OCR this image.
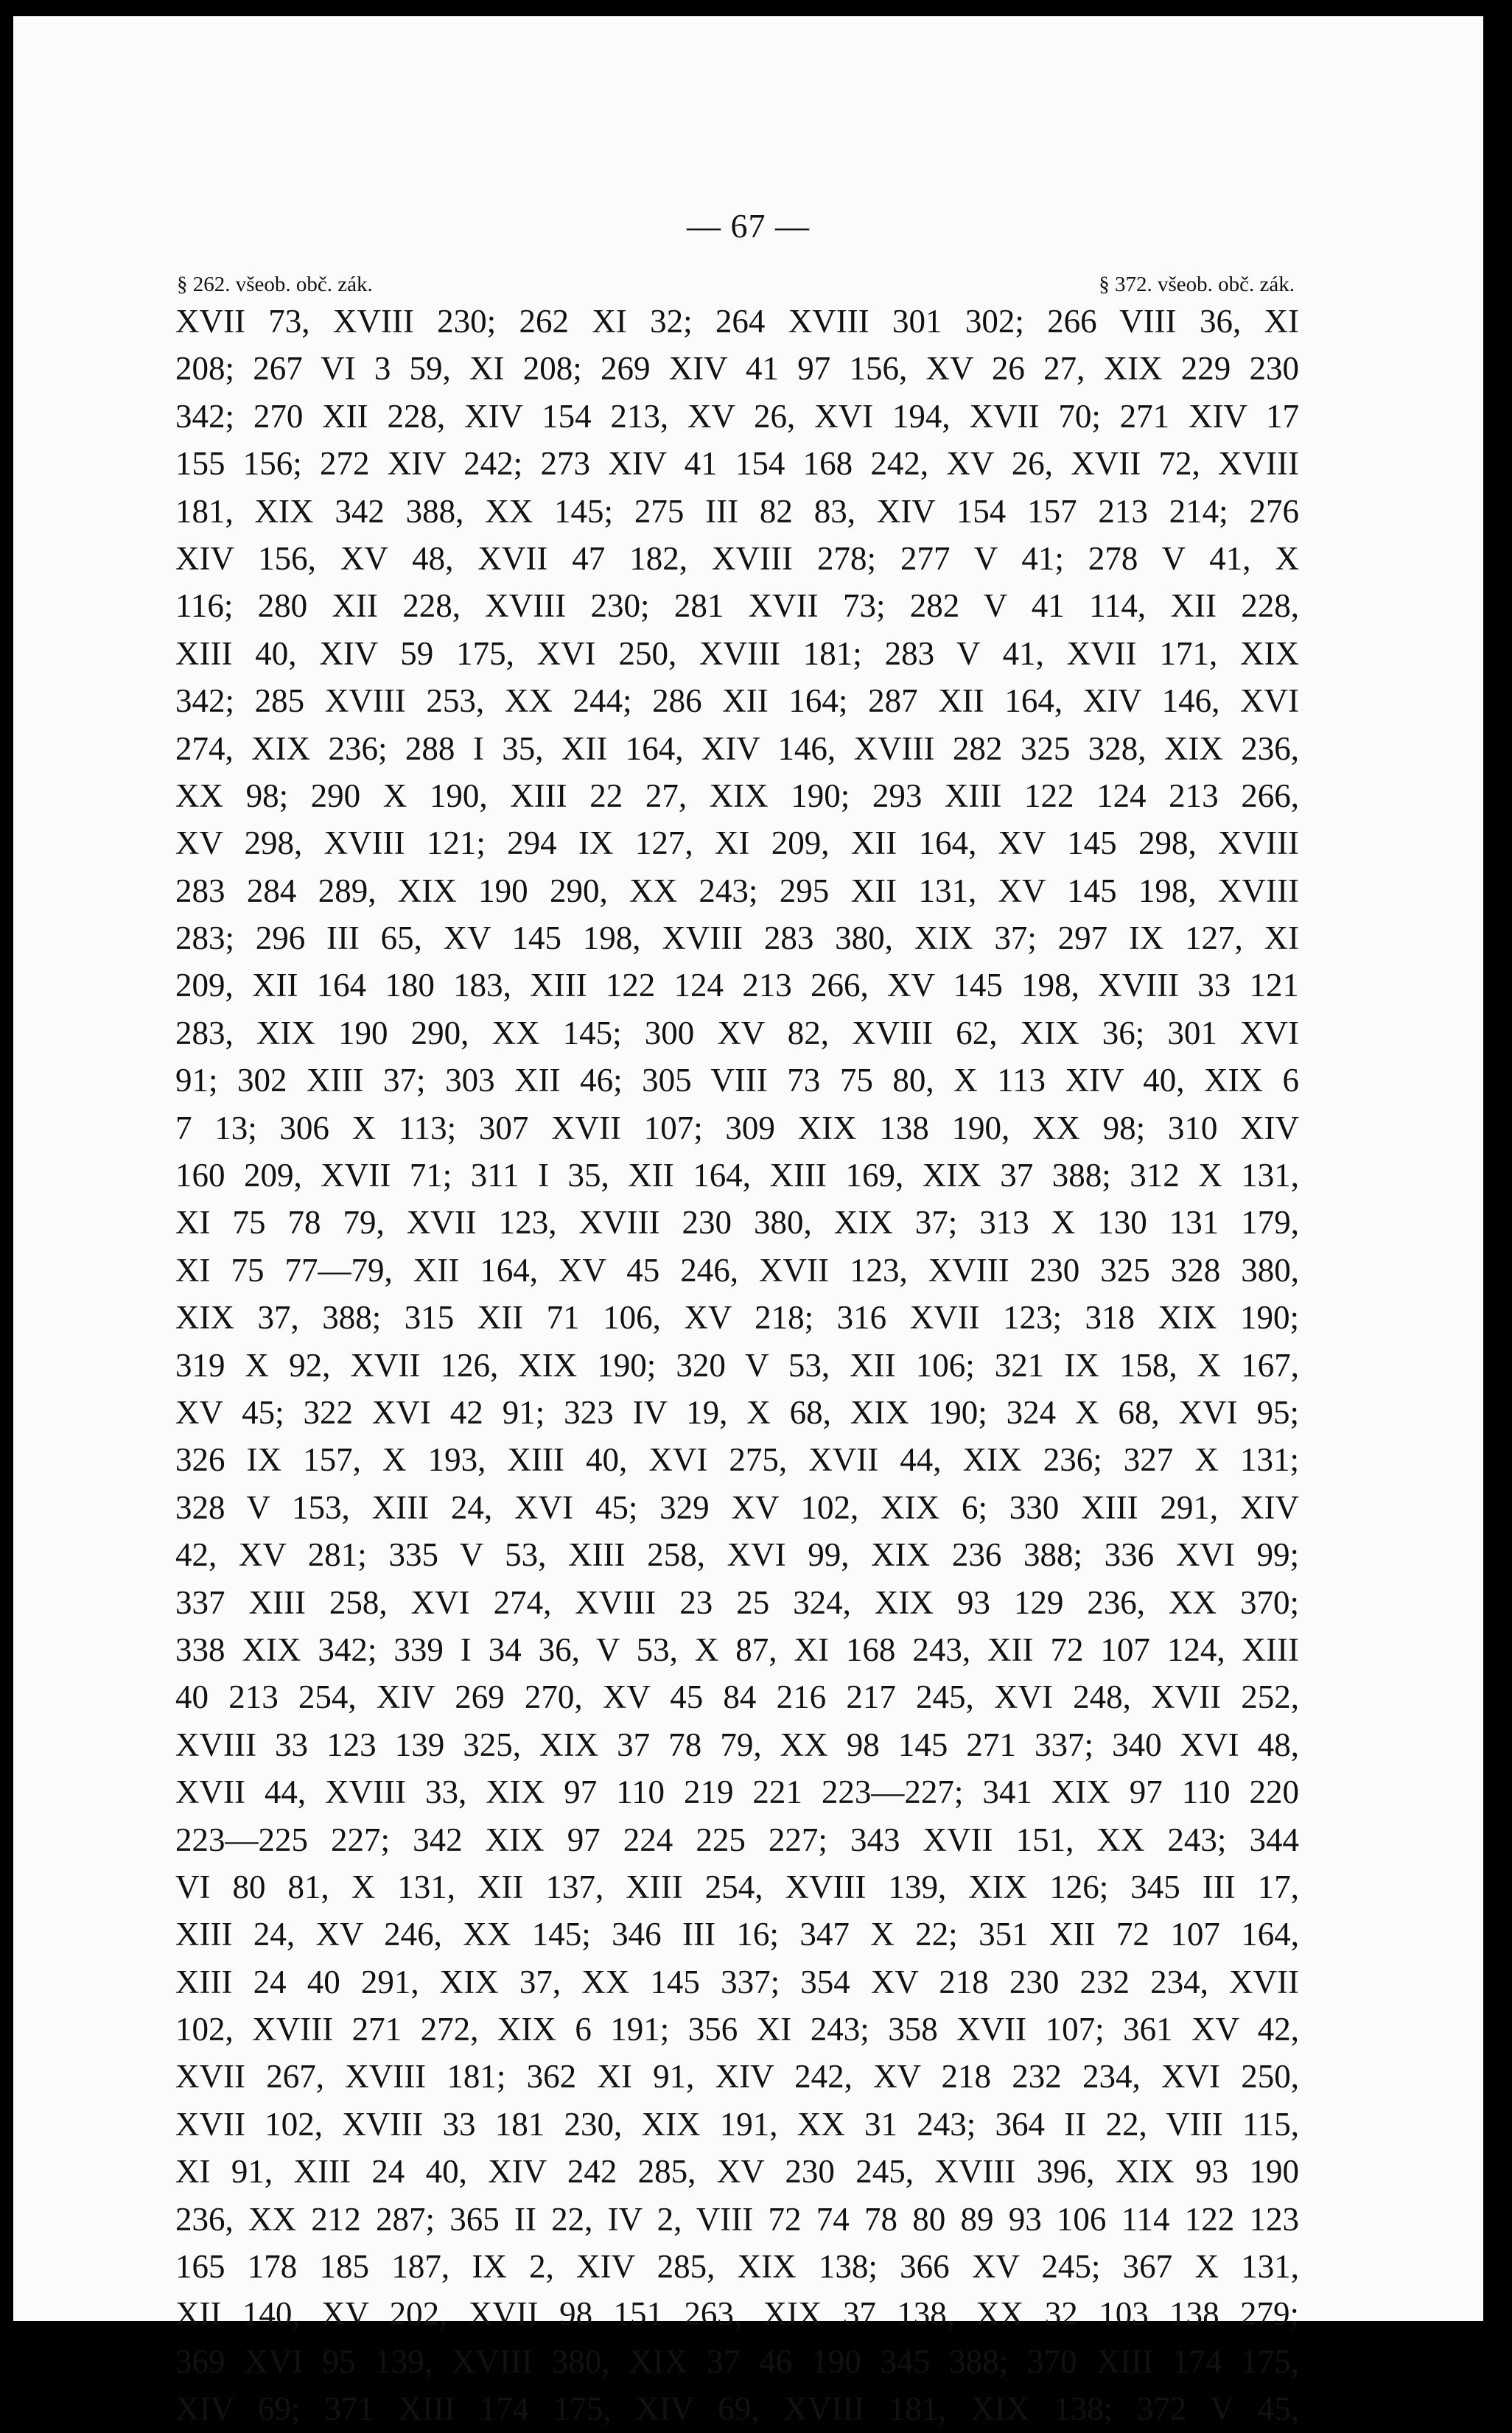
— 67 —
§ 262. všeob. obč. zák.	§ 372. všeob. obč. zák.
XVII 73, XVIII 230; 262 XI 32; 264 XVIII 301 302; 266 VIII 36, XI
208; 267 VI 3 59, XI 208; 269 XIV 41 97 156, XV 26 27, XIX 229 230
342; 270 XII 228, XIV 154 213, XV 26, XVI 194, XVII 70; 271 XIV 17
155 156; 272 XIV 242; 273 XIV 41 154 168 242, XV 26, XVII 72, XVIII
181, XIX 342 388, XX 145; 275 III 82 83, XIV 154 157 213 214; 276
XIV 156, XV 48, XVII 47 182, XVIII 278; 277 V 41; 278 V 41, X
116; 280 XII 228, XVIII 230; 281 XVII 73; 282 V 41 114, XII 228,
XIII 40, XIV 59 175, XVI 250, XVIII 181; 283 V 41, XVII 171, XIX
342; 285 XVIII 253, XX 244; 286 XII 164; 287 XII 164, XIV 146, XVI
274, XIX 236; 288 I 35, XII 164, XIV 146, XVIII 282 325 328, XIX 236,
XX 98; 290 X 190, XIII 22 27, XIX 190; 293 XIII 122 124 213 266,
XV 298, XVIII 121; 294 IX 127, XI 209, XII 164, XV 145 298, XVIII
283 284 289, XIX 190 290, XX 243; 295 XII 131, XV 145 198, XVIII
283; 296 III 65, XV 145 198, XVIII 283 380, XIX 37; 297 IX 127, XI
209, XII 164 180 183, XIII 122 124 213 266, XV 145 198, XVIII 33 121
283, XIX 190 290, XX 145; 300 XV 82, XVIII 62, XIX 36; 301 XVI
91; 302 XIII 37; 303 XII 46; 305 VIII 73 75 80, X 113 XIV 40, XIX 6
7 13; 306 X 113; 307 XVII 107; 309 XIX 138 190, XX 98; 310 XIV
160 209, XVII 71; 311 I 35, XII 164, XIII 169, XIX 37 388; 312 X 131,
XI 75 78 79, XVII 123, XVIII 230 380, XIX 37; 313 X 130 131 179,
XI 75 77—79, XII 164, XV 45 246, XVII 123, XVIII 230 325 328 380,
XIX 37, 388; 315 XII 71 106, XV 218; 316 XVII 123; 318 XIX 190;
319 X 92, XVII 126, XIX 190; 320 V 53, XII 106; 321 IX 158, X 167,
XV 45; 322 XVI 42 91; 323 IV 19, X 68, XIX 190; 324 X 68, XVI 95;
326 IX 157, X 193, XIII 40, XVI 275, XVII 44, XIX 236; 327 X 131;
328 V 153, XIII 24, XVI 45; 329 XV 102, XIX 6; 330 XIII 291, XIV
42, XV 281; 335 V 53, XIII 258, XVI 99, XIX 236 388; 336 XVI 99;
337 XIII 258, XVI 274, XVIII 23 25 324, XIX 93 129 236, XX 370;
338 XIX 342; 339 I 34 36, V 53, X 87, XI 168 243, XII 72 107 124, XIII
40 213 254, XIV 269 270, XV 45 84 216 217 245, XVI 248, XVII 252,
XVIII 33 123 139 325, XIX 37 78 79, XX 98 145 271 337; 340 XVI 48,
XVII 44, XVIII 33, XIX 97 110 219 221 223—227; 341 XIX 97 110 220
223—225 227; 342 XIX 97 224 225 227; 343 XVII 151, XX 243; 344
VI 80 81, X 131, XII 137, XIII 254, XVIII 139, XIX 126; 345 III 17,
XIII 24, XV 246, XX 145; 346 III 16; 347 X 22; 351 XII 72 107 164,
XIII 24 40 291, XIX 37, XX 145 337; 354 XV 218 230 232 234, XVII
102, XVIII 271 272, XIX 6 191; 356 XI 243; 358 XVII 107; 361 XV 42,
XVII 267, XVIII 181; 362 XI 91, XIV 242, XV 218 232 234, XVI 250,
XVII 102, XVIII 33 181 230, XIX 191, XX 31 243; 364 II 22, VIII 115,
XI 91, XIII 24 40, XIV 242 285, XV 230 245, XVIII 396, XIX 93 190
236, XX 212 287; 365 II 22, IV 2, VIII 72 74 78 80 89 93 106 114 122 123
165 178 185 187, IX 2, XIV 285, XIX 138; 366 XV 245; 367 X 131,
XII 140, XV 202, XVII 98 151 263, XIX 37 138, XX 32 103 138 279;
369 XVI 95 139, XVIII 380, XIX 37 46 190 345 388; 370 XIII 174 175,
XIV 69; 371 XIII 174 175, XIV 69, XVIII 181, XIX 138; 372 V 45,
